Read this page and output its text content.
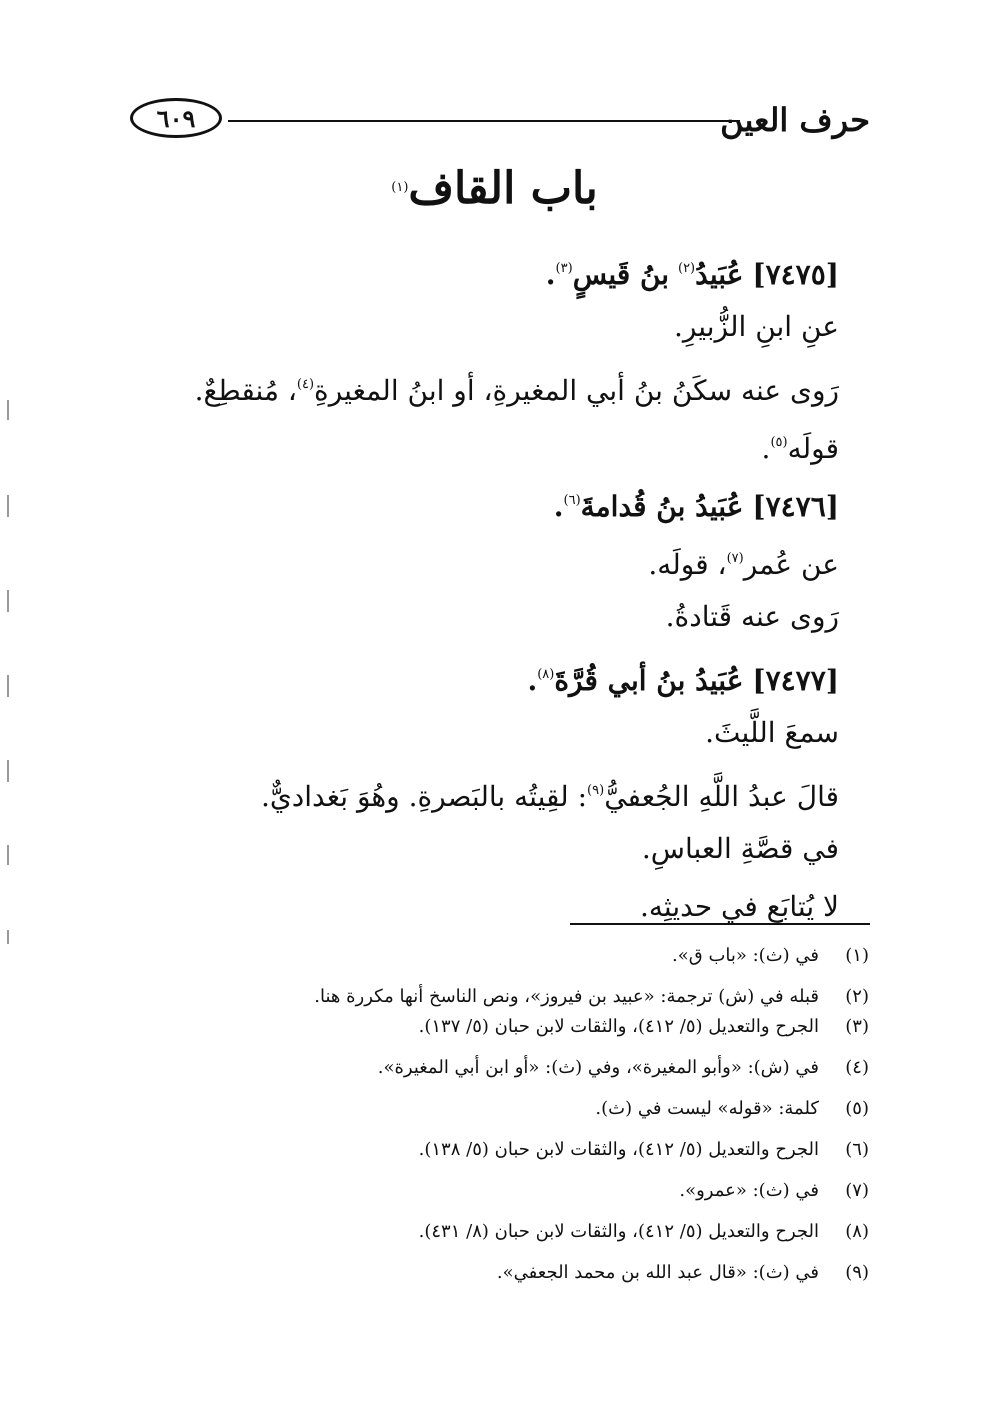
حرف العين
٦٠٩
باب القاف$^{(١)}$
[٧٤٧٥] عُبَيدُ$^{(٢)}$ بنُ قَيسٍ$^{(٣)}$.
عنِ ابنِ الزُّبيرِ.
رَوى عنه سكَنُ بنُ أبي المغيرةِ، أو ابنُ المغيرةِ$^{(٤)}$، مُنقطِعٌ.
قولَه$^{(٥)}$.
[٧٤٧٦] عُبَيدُ بنُ قُدامةَ$^{(٦)}$.
عن عُمر$^{(٧)}$، قولَه.
رَوى عنه قَتادةُ.
[٧٤٧٧] عُبَيدُ بنُ أبي قُرَّةَ$^{(٨)}$.
سمعَ اللَّيثَ.
قالَ عبدُ اللَّهِ الجُعفيُّ$^{(٩)}$: لقِيتُه بالبَصرةِ. وهُوَ بَغداديٌّ.
في قصَّةِ العباسِ.
لا يُتابَع في حديثِه.
(١)
في (ث): «باب ق».
(٢)
قبله في (ش) ترجمة: «عبيد بن فيروز»، ونص الناسخ أنها مكررة هنا.
(٣)
الجرح والتعديل (٥/ ٤١٢)، والثقات لابن حبان (٥/ ١٣٧).
(٤)
في (ش): «وأبو المغيرة»، وفي (ث): «أو ابن أبي المغيرة».
(٥)
كلمة: «قوله» ليست في (ث).
(٦)
الجرح والتعديل (٥/ ٤١٢)، والثقات لابن حبان (٥/ ١٣٨).
(٧)
في (ث): «عمرو».
(٨)
الجرح والتعديل (٥/ ٤١٢)، والثقات لابن حبان (٨/ ٤٣١).
(٩)
في (ث): «قال عبد الله بن محمد الجعفي».
